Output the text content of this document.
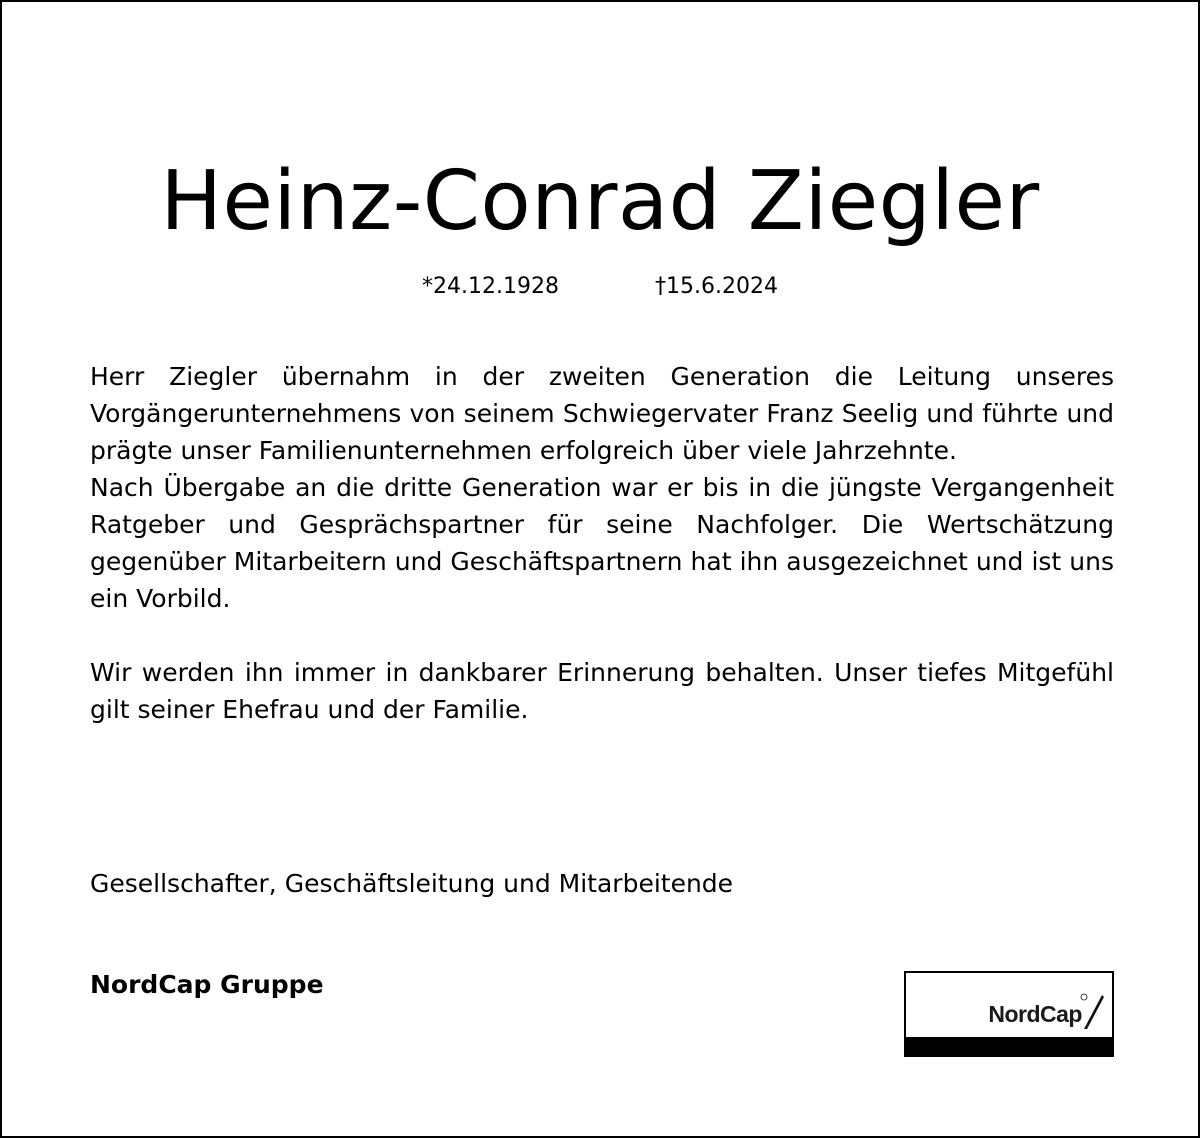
Heinz-Conrad Ziegler
*24.12.1928	†15.6.2024

Herr Ziegler übernahm in der zweiten Generation die Leitung unseres Vorgängerunternehmens von seinem Schwiegervater Franz Seelig und führte und prägte unser Familienunternehmen erfolgreich über viele Jahrzehnte.

Nach Übergabe an die dritte Generation war er bis in die jüngste Vergangenheit Ratgeber und Gesprächspartner für seine Nachfolger. Die Wertschätzung gegenüber Mitarbeitern und Geschäftspartnern hat ihn ausgezeichnet und ist uns ein Vorbild.

Wir werden ihn immer in dankbarer Erinnerung behalten. Unser tiefes Mitgefühl gilt seiner Ehefrau und der Familie.

Gesellschafter, Geschäftsleitung und Mitarbeitende
NordCap Gruppe
NordCap
